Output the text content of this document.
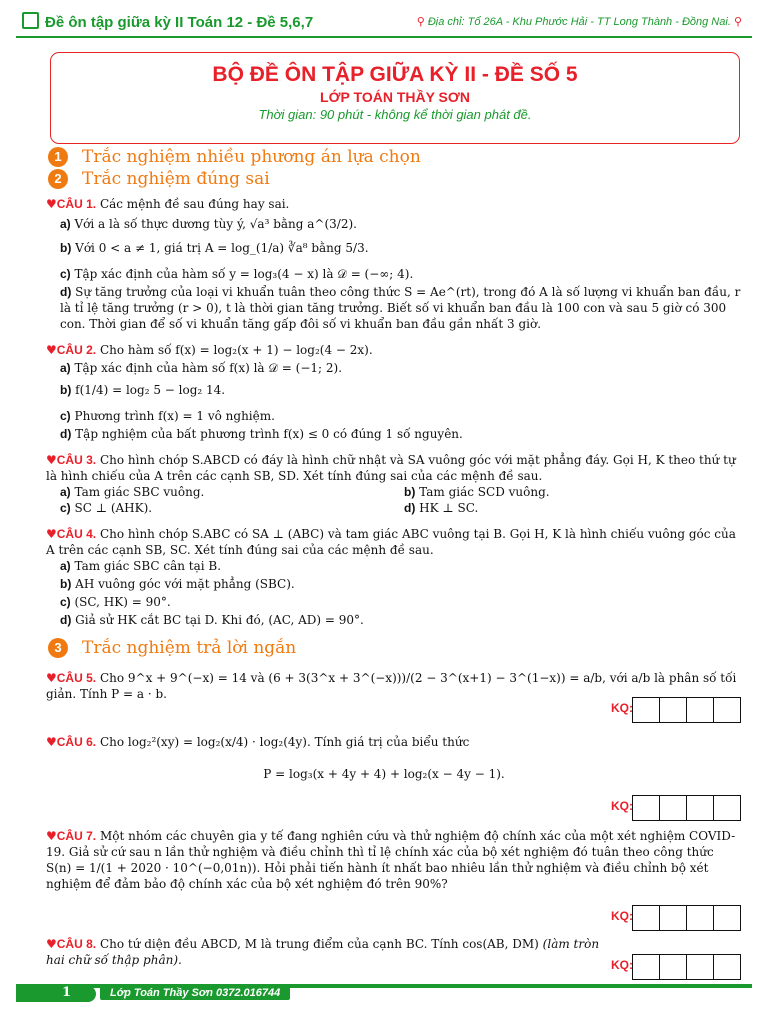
Đề ôn tập giữa kỳ II Toán 12 - Đề 5,6,7	⚲ Địa chỉ: Tổ 26A - Khu Phước Hải - TT Long Thành - Đồng Nai. ⚲
BỘ ĐỀ ÔN TẬP GIỮA KỲ II - ĐỀ SỐ 5
LỚP TOÁN THẦY SƠN
Thời gian: 90 phút - không kể thời gian phát đề.
1 Trắc nghiệm nhiều phương án lựa chọn
2 Trắc nghiệm đúng sai
♥CÂU 1. Các mệnh đề sau đúng hay sai.
a) Với a là số thực dương tùy ý, √a³ bằng a^(3/2).
b) Với 0 < a ≠ 1, giá trị A = log_(1/a) ∛a⁸ bằng 5/3.
c) Tập xác định của hàm số y = log₃(4 − x) là 𝒟 = (−∞; 4).
d) Sự tăng trưởng của loại vi khuẩn tuân theo công thức S = Ae^(rt), trong đó A là số lượng vi khuẩn ban đầu, r là tỉ lệ tăng trưởng (r > 0), t là thời gian tăng trưởng. Biết số vi khuẩn ban đầu là 100 con và sau 5 giờ có 300 con. Thời gian để số vi khuẩn tăng gấp đôi số vi khuẩn ban đầu gần nhất 3 giờ.
♥CÂU 2. Cho hàm số f(x) = log₂(x + 1) − log₂(4 − 2x).
a) Tập xác định của hàm số f(x) là 𝒟 = (−1; 2).
b) f(1/4) = log₂ 5 − log₂ 14.
c) Phương trình f(x) = 1 vô nghiệm.
d) Tập nghiệm của bất phương trình f(x) ≤ 0 có đúng 1 số nguyên.
♥CÂU 3. Cho hình chóp S.ABCD có đáy là hình chữ nhật và SA vuông góc với mặt phẳng đáy. Gọi H, K theo thứ tự là hình chiếu của A trên các cạnh SB, SD. Xét tính đúng sai của các mệnh đề sau.
a) Tam giác SBC vuông.	b) Tam giác SCD vuông.
c) SC ⊥ (AHK).	d) HK ⊥ SC.
♥CÂU 4. Cho hình chóp S.ABC có SA ⊥ (ABC) và tam giác ABC vuông tại B. Gọi H, K là hình chiếu vuông góc của A trên các cạnh SB, SC. Xét tính đúng sai của các mệnh đề sau.
a) Tam giác SBC cân tại B.
b) AH vuông góc với mặt phẳng (SBC).
c) (SC, HK) = 90°.
d) Giả sử HK cắt BC tại D. Khi đó, (AC, AD) = 90°.
3 Trắc nghiệm trả lời ngắn
♥CÂU 5. Cho 9^x + 9^(−x) = 14 và (6 + 3(3^x + 3^(−x)))/(2 − 3^(x+1) − 3^(1−x)) = a/b, với a/b là phân số tối giản. Tính P = a · b.
KQ:
♥CÂU 6. Cho log₂²(xy) = log₂(x/4) · log₂(4y). Tính giá trị của biểu thức
P = log₃(x + 4y + 4) + log₂(x − 4y − 1).
KQ:
♥CÂU 7. Một nhóm các chuyên gia y tế đang nghiên cứu và thử nghiệm độ chính xác của một xét nghiệm COVID-19. Giả sử cứ sau n lần thử nghiệm và điều chỉnh thì tỉ lệ chính xác của bộ xét nghiệm đó tuân theo công thức S(n) = 1/(1 + 2020 · 10^(−0,01n)). Hỏi phải tiến hành ít nhất bao nhiêu lần thử nghiệm và điều chỉnh bộ xét nghiệm để đảm bảo độ chính xác của bộ xét nghiệm đó trên 90%?
KQ:
♥CÂU 8. Cho tứ diện đều ABCD, M là trung điểm của cạnh BC. Tính cos(AB, DM) (làm tròn hai chữ số thập phân).	KQ:
1	Lớp Toán Thầy Sơn 0372.016744
